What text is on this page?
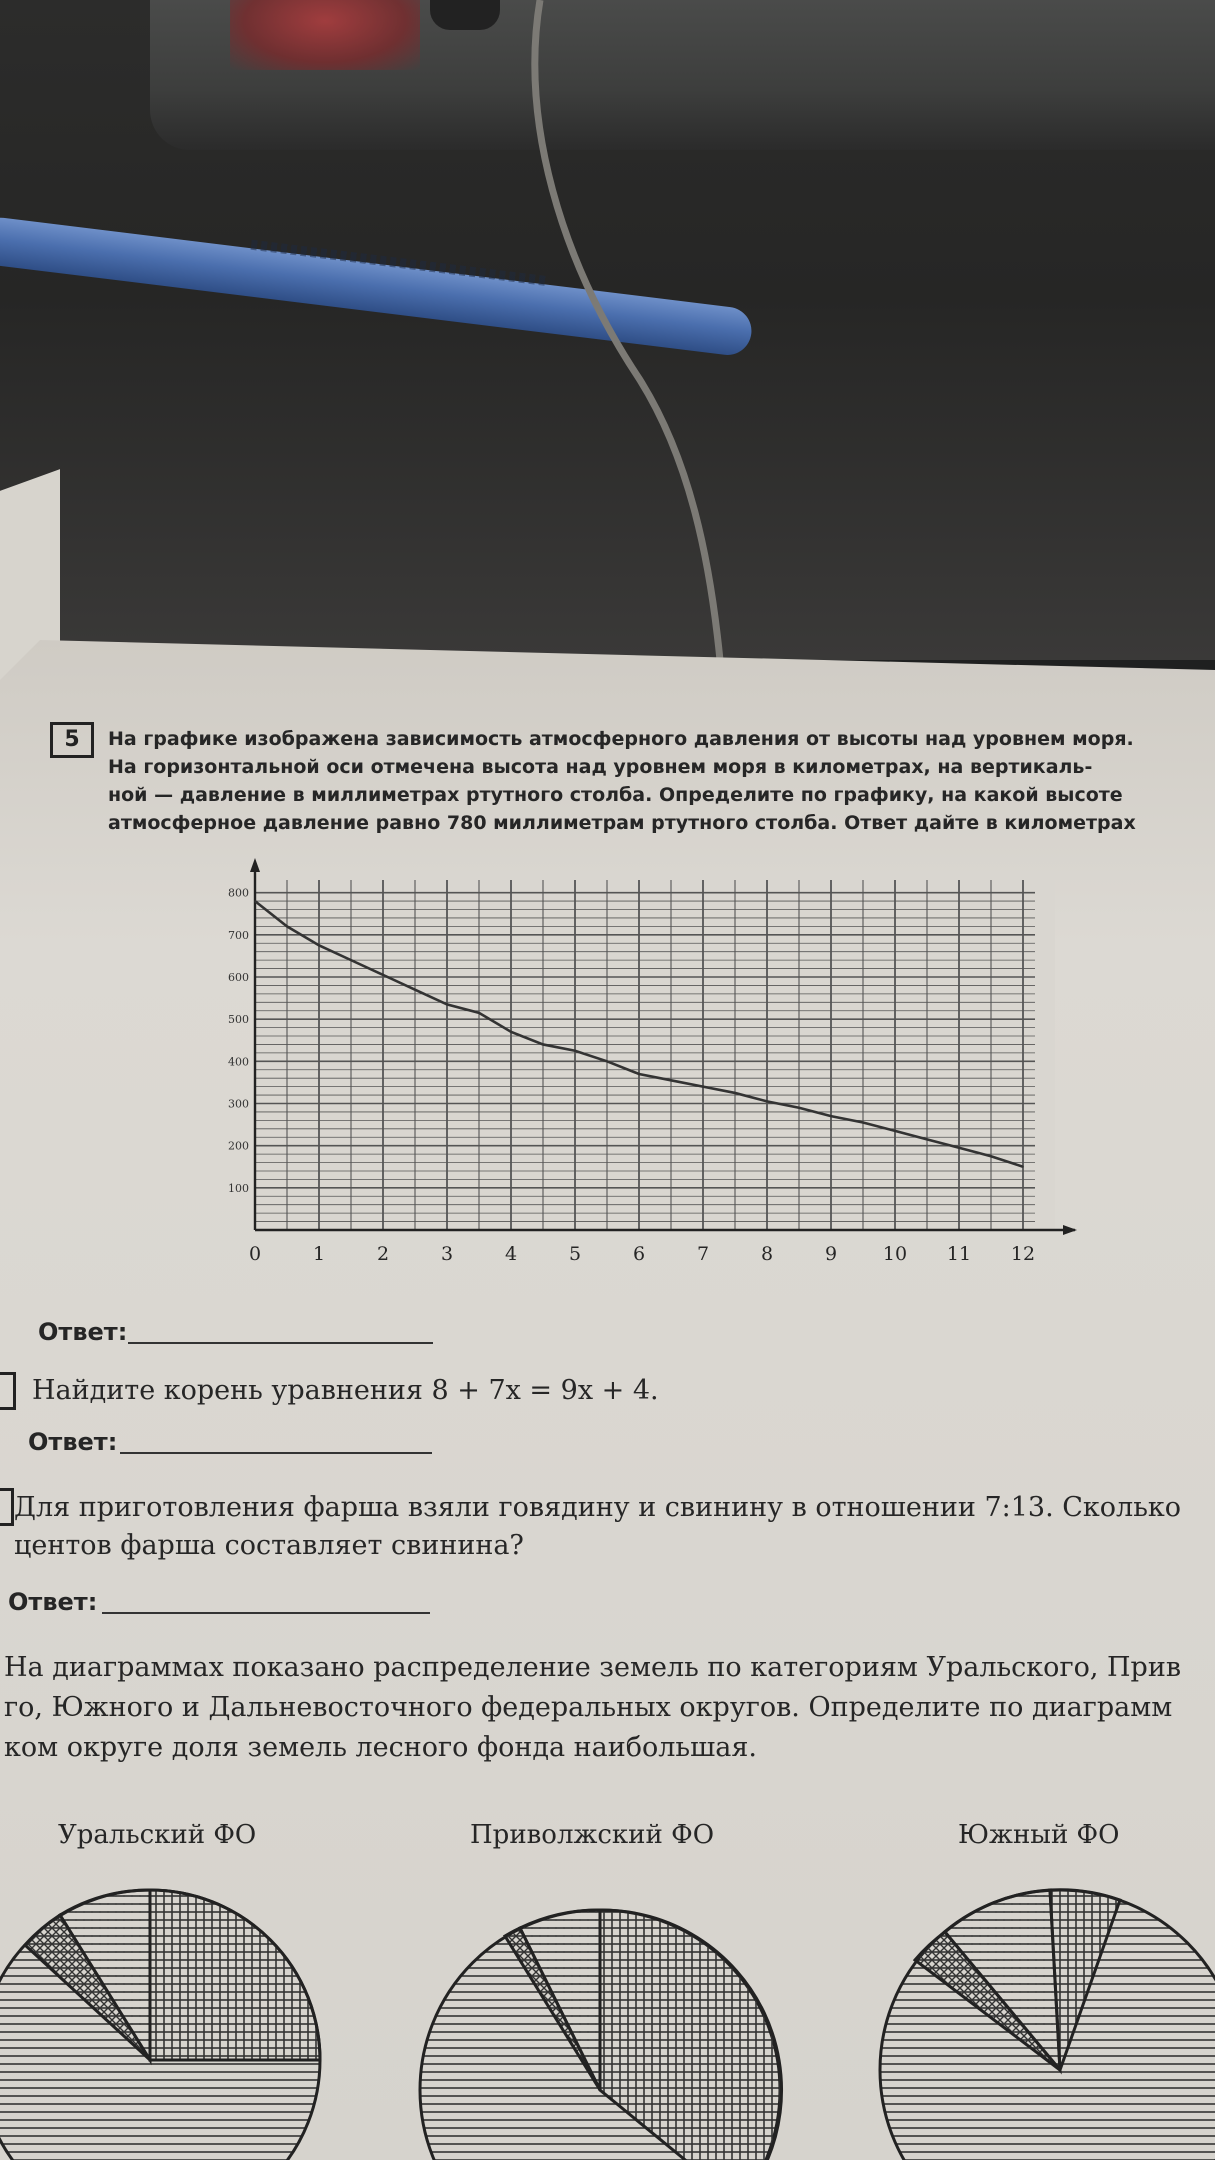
5	На графике изображена зависимость атмосферного давления от высоты над уровнем моря.
На горизонтальной оси отмечена высота над уровнем моря в километрах, на вертикаль-
ной — давление в миллиметрах ртутного столба. Определите по графику, на какой высоте
атмосферное давление равно 780 миллиметрам ртутного столба. Ответ дайте в километрах
100
200
300
400
500
600
700
800
0	1	2	3	4	5	6	7	8	9 10 11 12
Ответ:
Найдите корень уравнения 8 + 7x = 9x + 4.
Ответ:
Для приготовления фарша взяли говядину и свинину в отношении 7:13. Сколько
центов фарша составляет свинина?
Ответ:
На диаграммах показано распределение земель по категориям Уральского, Прив
го, Южного и Дальневосточного федеральных округов. Определите по диаграмм
ком округе доля земель лесного фонда наибольшая.
Уральский ФО	Приволжский ФО	Южный ФО
